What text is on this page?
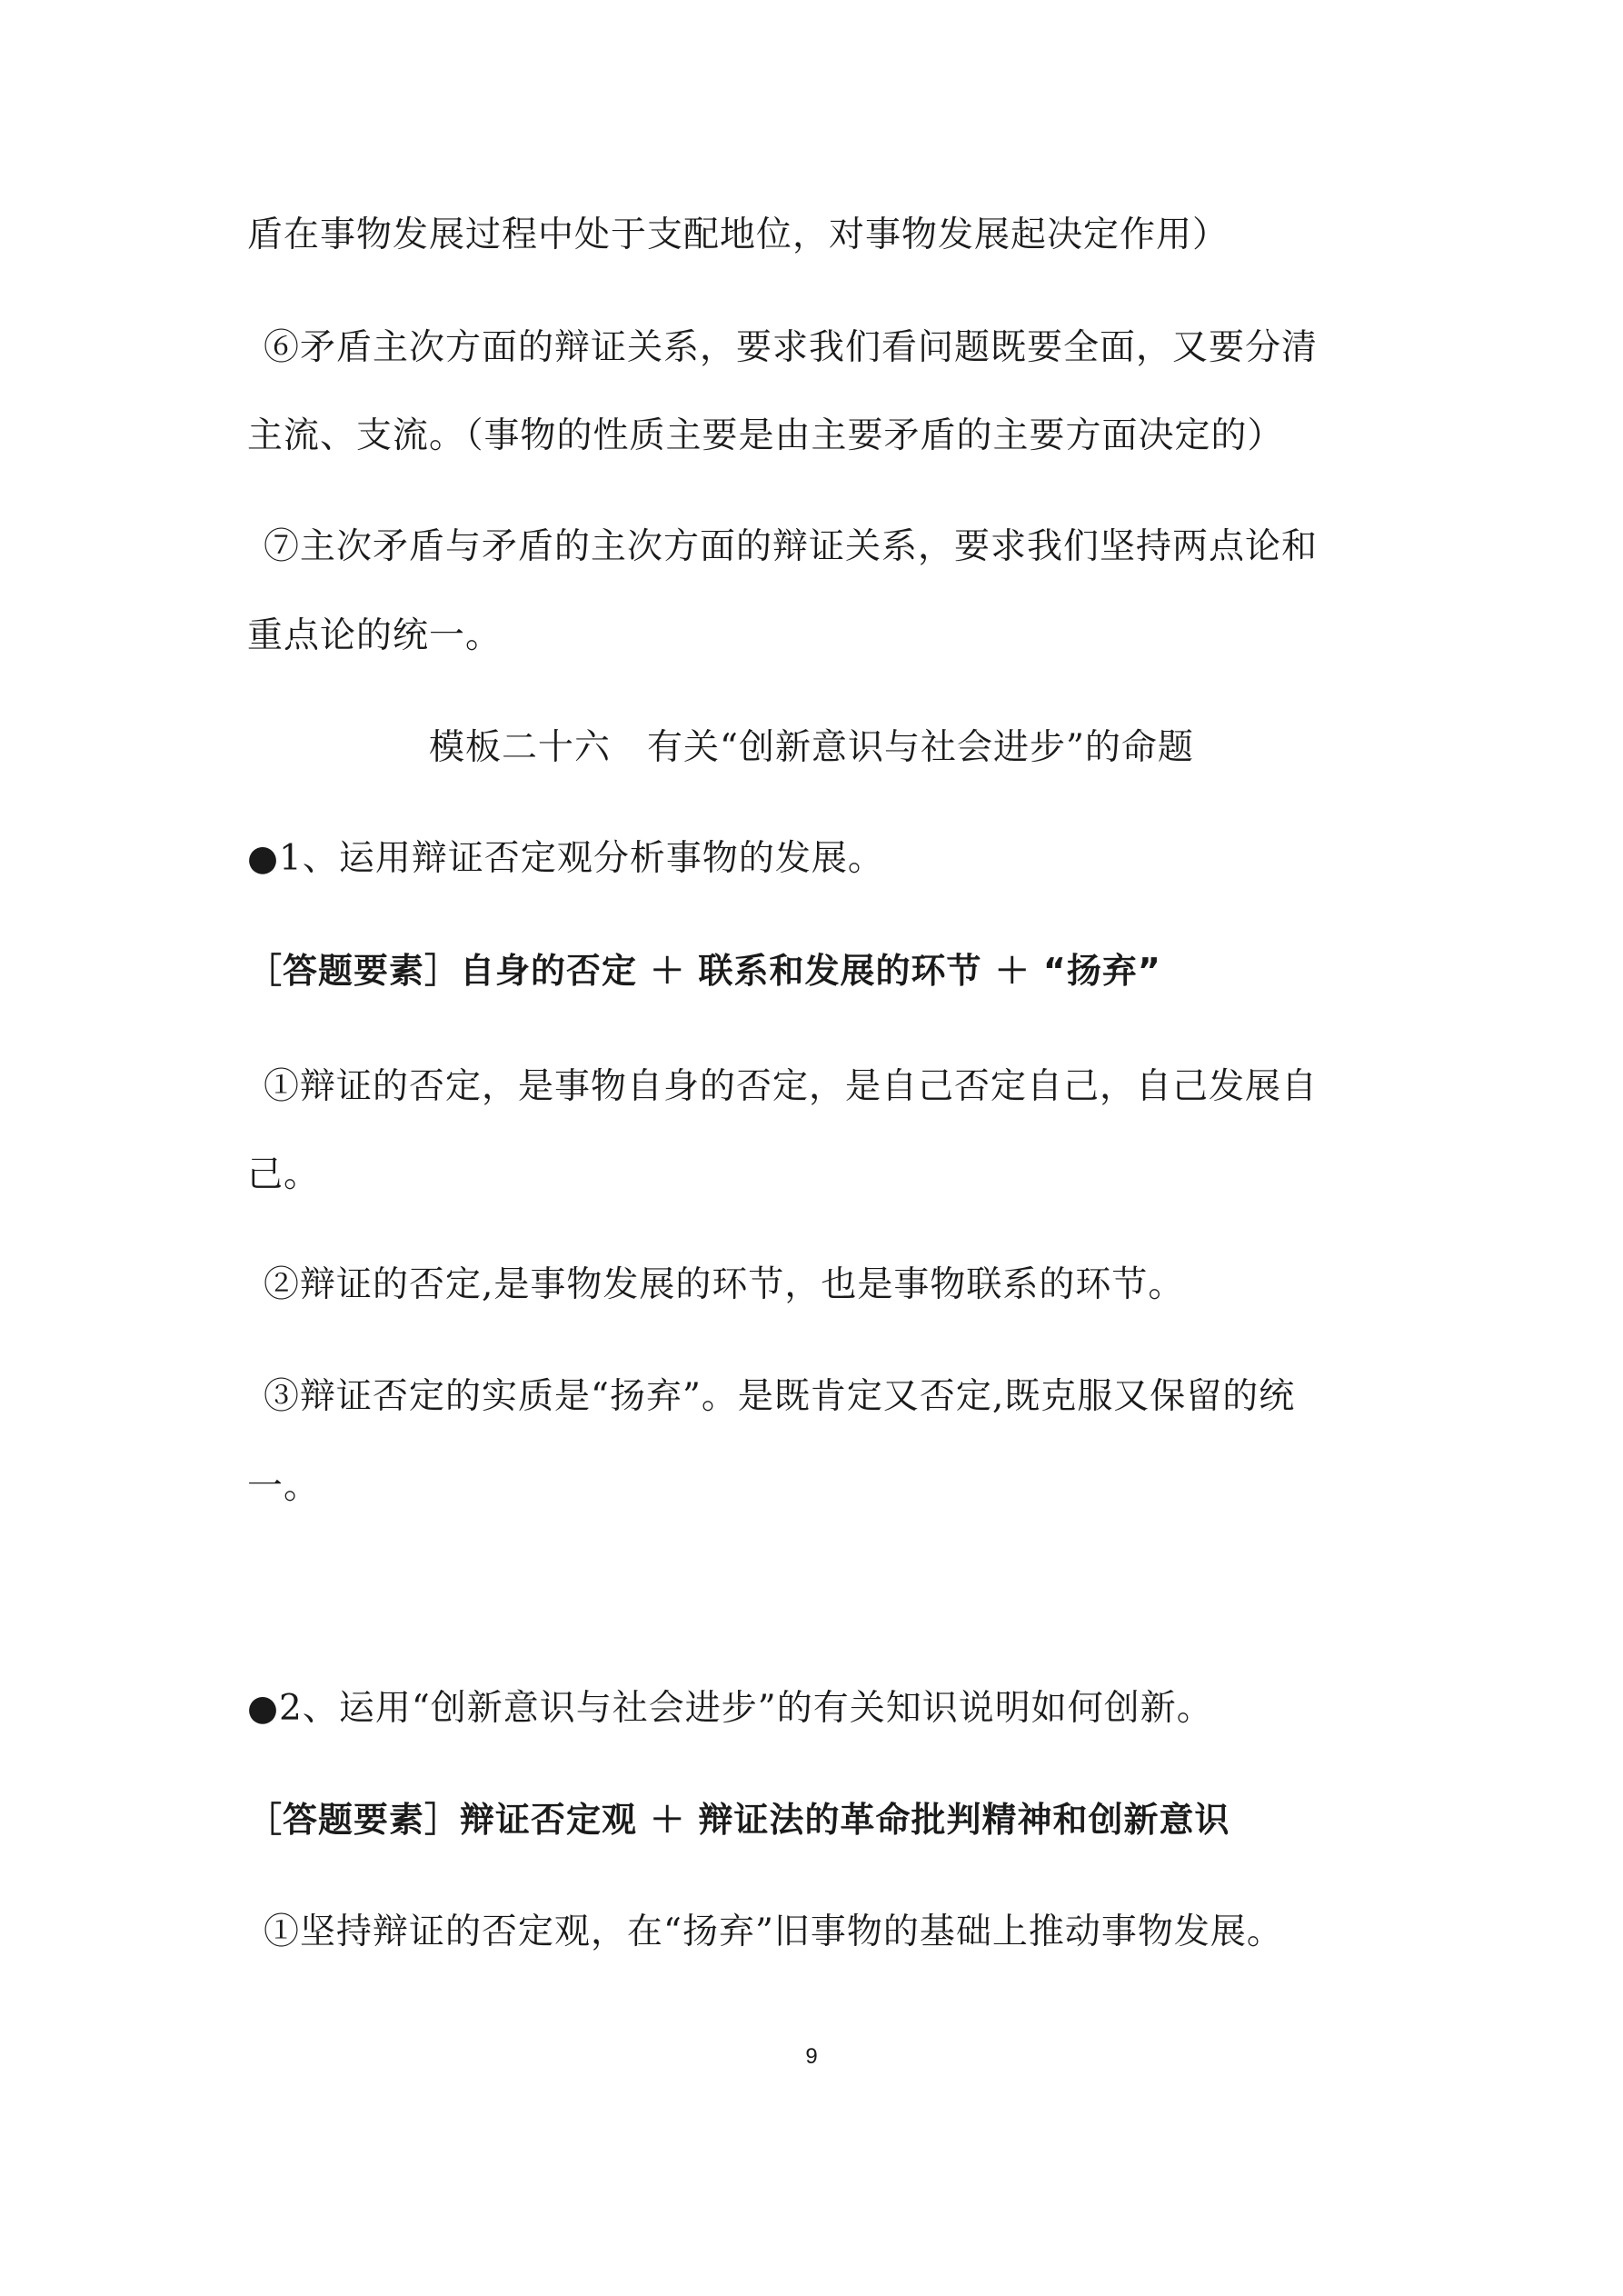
盾在事物发展过程中处于支配地位，对事物发展起决定作用）
⑥矛盾主次方面的辩证关系，要求我们看问题既要全面，又要分清
主流、支流。（事物的性质主要是由主要矛盾的主要方面决定的）
⑦主次矛盾与矛盾的主次方面的辩证关系，要求我们坚持两点论和
重点论的统一。
模板二十六　有关“创新意识与社会进步”的命题
●1、运用辩证否定观分析事物的发展。
［答题要素］自身的否定 ＋ 联系和发展的环节 ＋ “扬弃”
①辩证的否定，是事物自身的否定，是自己否定自己，自己发展自
己。
②辩证的否定,是事物发展的环节，也是事物联系的环节。
③辩证否定的实质是“扬弃”。是既肯定又否定,既克服又保留的统
一。
●2、运用“创新意识与社会进步”的有关知识说明如何创新。
［答题要素］辩证否定观 ＋ 辩证法的革命批判精神和创新意识
①坚持辩证的否定观，在“扬弃”旧事物的基础上推动事物发展。
9
